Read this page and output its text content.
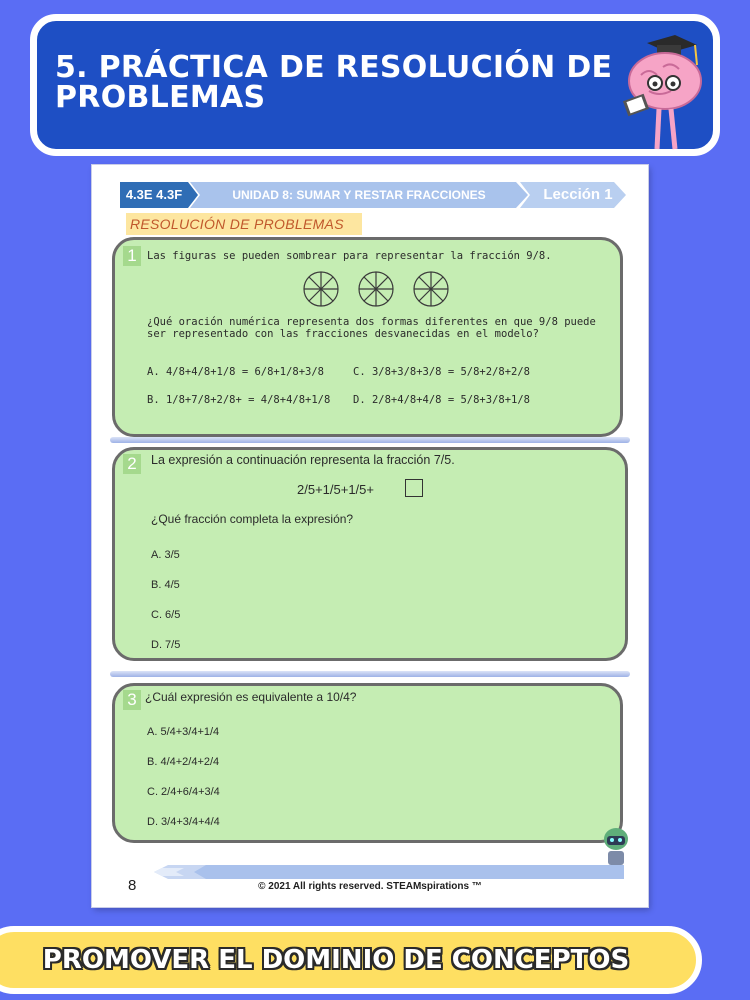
5. PRÁCTICA DE RESOLUCIÓN DE PROBLEMAS
4.3E 4.3F	UNIDAD 8: SUMAR Y RESTAR FRACCIONES	Lección 1
RESOLUCIÓN DE PROBLEMAS
1 Las figuras se pueden sombrear para representar la fracción 9/8.
¿Qué oración numérica representa dos formas diferentes en que 9/8 puede
ser representado con las fracciones desvanecidas en el modelo?
A. 4/8+4/8+1/8 = 6/8+1/8+3/8	C. 3/8+3/8+3/8 = 5/8+2/8+2/8
B. 1/8+7/8+2/8+ = 4/8+4/8+1/8 D. 2/8+4/8+4/8 = 5/8+3/8+1/8
2	La expresión a continuación representa la fracción 7/5.
2/5+1/5+1/5+
¿Qué fracción completa la expresión?
A. 3/5
B. 4/5
C. 6/5
D. 7/5
3 ¿Cuál expresión es equivalente a 10/4?
A. 5/4+3/4+1/4
B. 4/4+2/4+2/4
C. 2/4+6/4+3/4
D. 3/4+3/4+4/4
8	© 2021 All rights reserved. STEAMspirations ™
PROMOVER EL DOMINIO DE CONCEPTOS
